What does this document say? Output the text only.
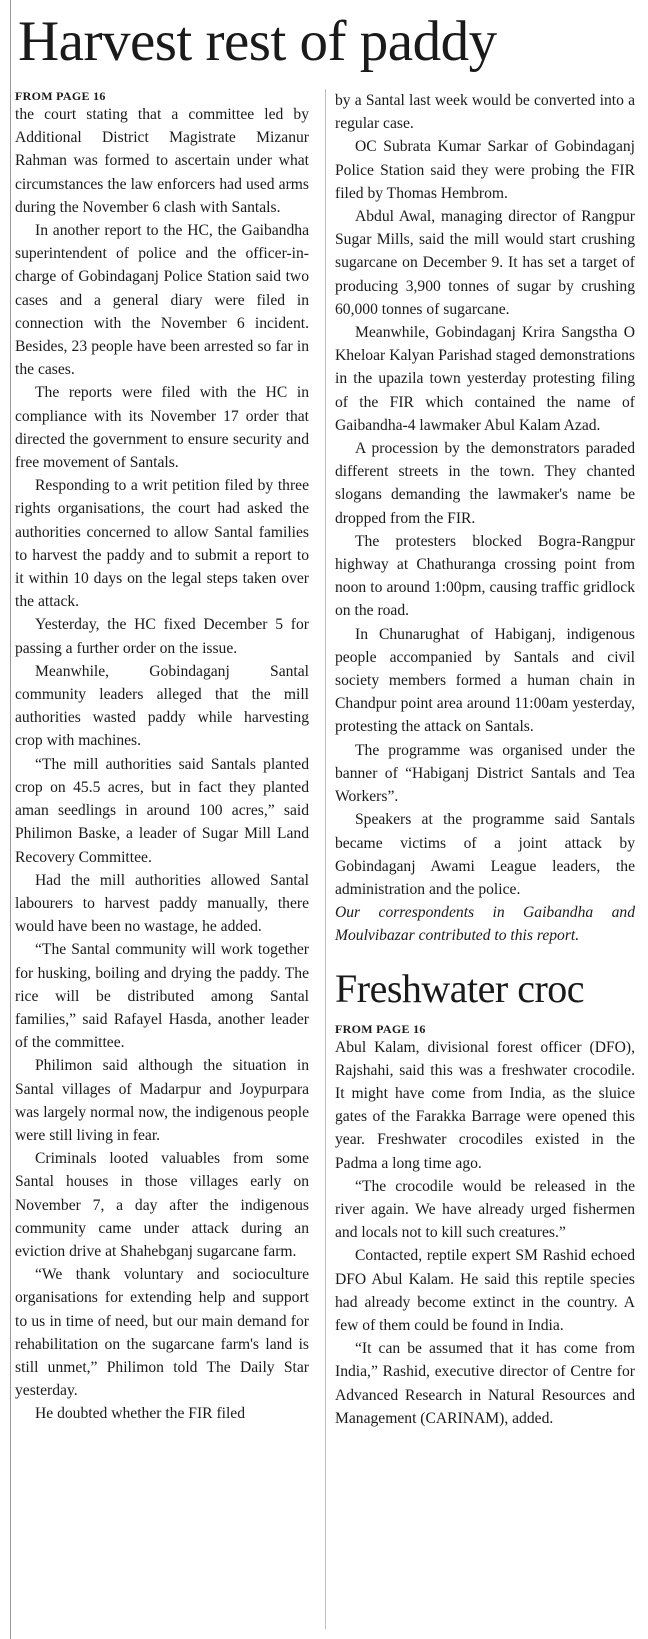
Harvest rest of paddy
FROM PAGE 16

the court stating that a committee led by Additional District Magistrate Mizanur Rahman was formed to ascertain under what circumstances the law enforcers had used arms during the November 6 clash with Santals.

In another report to the HC, the Gaibandha superintendent of police and the officer-in-charge of Gobindaganj Police Station said two cases and a general diary were filed in connection with the November 6 incident. Besides, 23 people have been arrested so far in the cases.

The reports were filed with the HC in compliance with its November 17 order that directed the government to ensure security and free movement of Santals.

Responding to a writ petition filed by three rights organisations, the court had asked the authorities concerned to allow Santal families to harvest the paddy and to submit a report to it within 10 days on the legal steps taken over the attack.

Yesterday, the HC fixed December 5 for passing a further order on the issue.

Meanwhile, Gobindaganj Santal community leaders alleged that the mill authorities wasted paddy while harvesting crop with machines.

“The mill authorities said Santals planted crop on 45.5 acres, but in fact they planted aman seedlings in around 100 acres,” said Philimon Baske, a leader of Sugar Mill Land Recovery Committee.

Had the mill authorities allowed Santal labourers to harvest paddy manually, there would have been no wastage, he added.

“The Santal community will work together for husking, boiling and drying the paddy. The rice will be distributed among Santal families,” said Rafayel Hasda, another leader of the committee.

Philimon said although the situation in Santal villages of Madarpur and Joypurpara was largely normal now, the indigenous people were still living in fear.

Criminals looted valuables from some Santal houses in those villages early on November 7, a day after the indigenous community came under attack during an eviction drive at Shahebganj sugarcane farm.

“We thank voluntary and socioculture organisations for extending help and support to us in time of need, but our main demand for rehabilitation on the sugarcane farm's land is still unmet,” Philimon told The Daily Star yesterday.

He doubted whether the FIR filed

by a Santal last week would be converted into a regular case.

OC Subrata Kumar Sarkar of Gobindaganj Police Station said they were probing the FIR filed by Thomas Hembrom.

Abdul Awal, managing director of Rangpur Sugar Mills, said the mill would start crushing sugarcane on December 9. It has set a target of producing 3,900 tonnes of sugar by crushing 60,000 tonnes of sugarcane.

Meanwhile, Gobindaganj Krira Sangstha O Kheloar Kalyan Parishad staged demonstrations in the upazila town yesterday protesting filing of the FIR which contained the name of Gaibandha-4 lawmaker Abul Kalam Azad.

A procession by the demonstrators paraded different streets in the town. They chanted slogans demanding the lawmaker's name be dropped from the FIR.

The protesters blocked Bogra-Rangpur highway at Chathuranga crossing point from noon to around 1:00pm, causing traffic gridlock on the road.

In Chunarughat of Habiganj, indigenous people accompanied by Santals and civil society members formed a human chain in Chandpur point area around 11:00am yesterday, protesting the attack on Santals.

The programme was organised under the banner of “Habiganj District Santals and Tea Workers”.

Speakers at the programme said Santals became victims of a joint attack by Gobindaganj Awami League leaders, the administration and the police.

Our correspondents in Gaibandha and Moulvibazar contributed to this report.

Freshwater croc
FROM PAGE 16

Abul Kalam, divisional forest officer (DFO), Rajshahi, said this was a freshwater crocodile. It might have come from India, as the sluice gates of the Farakka Barrage were opened this year. Freshwater crocodiles existed in the Padma a long time ago.

“The crocodile would be released in the river again. We have already urged fishermen and locals not to kill such creatures.”

Contacted, reptile expert SM Rashid echoed DFO Abul Kalam. He said this reptile species had already become extinct in the country. A few of them could be found in India.

“It can be assumed that it has come from India,” Rashid, executive director of Centre for Advanced Research in Natural Resources and Management (CARINAM), added.
